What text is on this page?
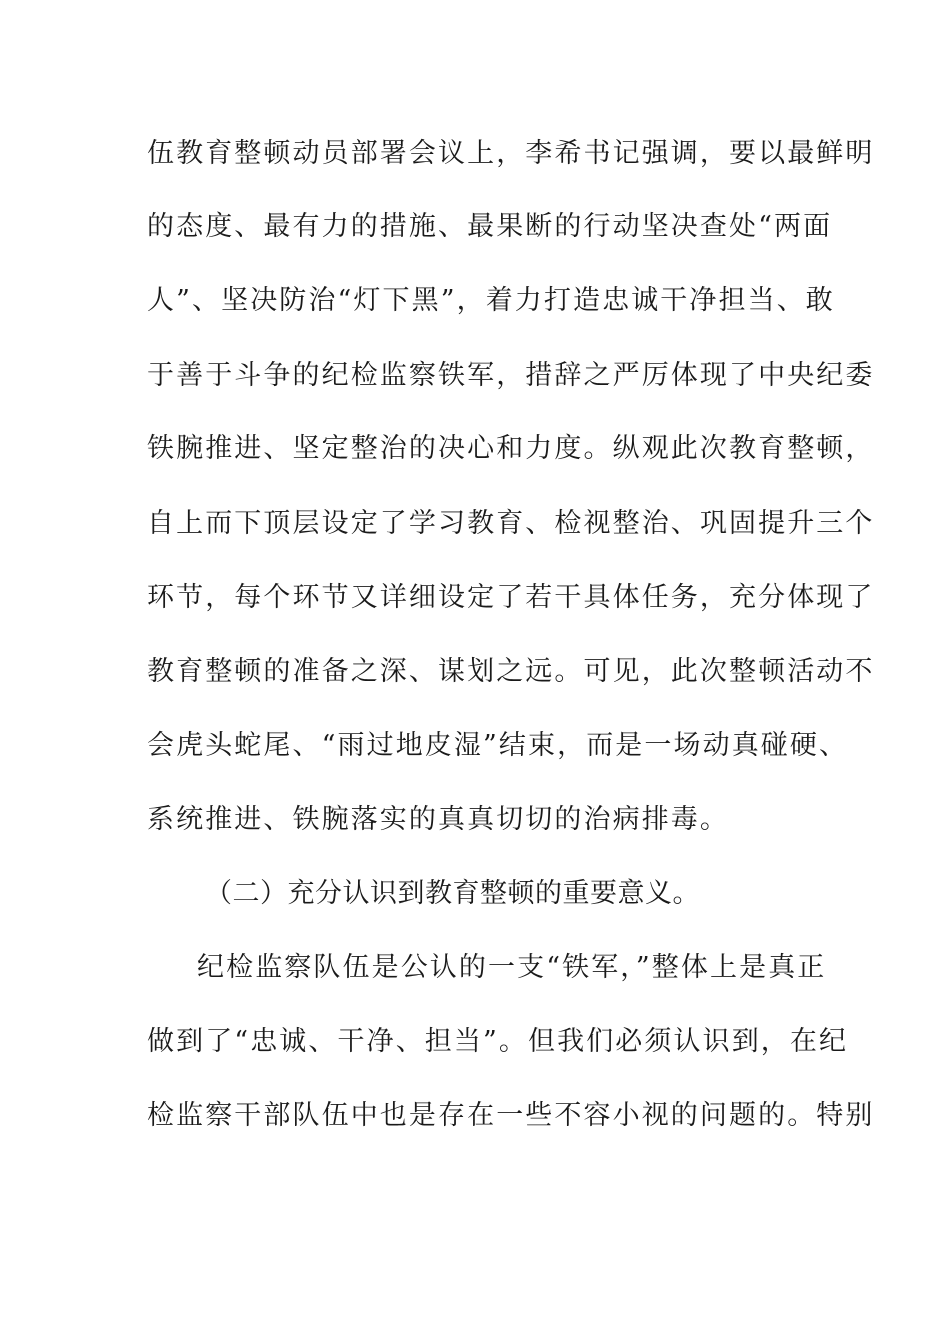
伍教育整顿动员部署会议上，李希书记强调，要以最鲜明
的态度、最有力的措施、最果断的行动坚决查处“两面
人”、坚决防治“灯下黑”，着力打造忠诚干净担当、敢
于善于斗争的纪检监察铁军，措辞之严厉体现了中央纪委
铁腕推进、坚定整治的决心和力度。纵观此次教育整顿，
自上而下顶层设定了学习教育、检视整治、巩固提升三个
环节，每个环节又详细设定了若干具体任务，充分体现了
教育整顿的准备之深、谋划之远。可见，此次整顿活动不
会虎头蛇尾、“雨过地皮湿”结束，而是一场动真碰硬、
系统推进、铁腕落实的真真切切的治病排毒。
（二）充分认识到教育整顿的重要意义。
纪检监察队伍是公认的一支“铁军，”整体上是真正
做到了“忠诚、干净、担当”。但我们必须认识到，在纪
检监察干部队伍中也是存在一些不容小视的问题的。特别
